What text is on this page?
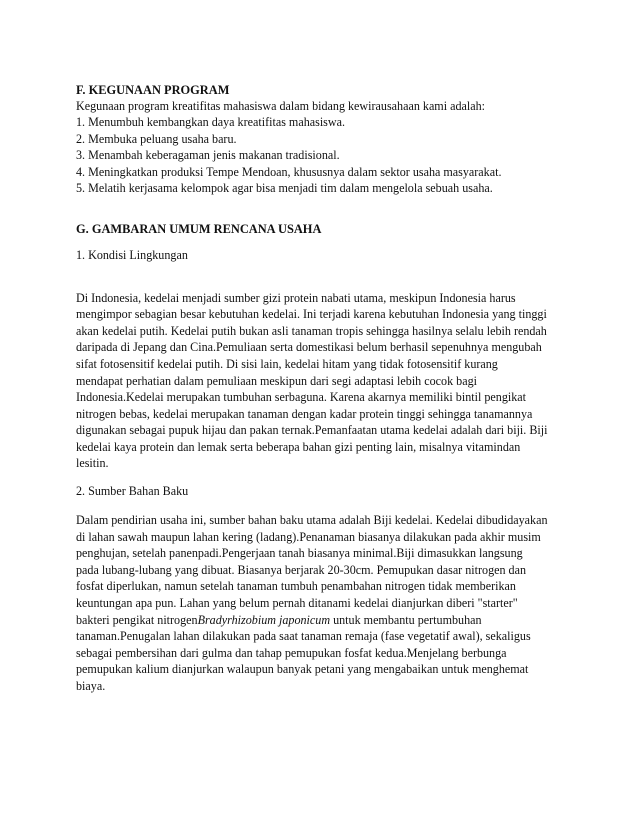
F. KEGUNAAN PROGRAM

Kegunaan program kreatifitas mahasiswa dalam bidang kewirausahaan kami adalah:

1. Menumbuh kembangkan daya kreatifitas mahasiswa.

2. Membuka peluang usaha baru.

3. Menambah keberagaman jenis makanan tradisional.

4. Meningkatkan produksi Tempe Mendoan, khususnya dalam sektor usaha masyarakat.

5. Melatih kerjasama kelompok agar bisa menjadi tim dalam mengelola sebuah usaha.

G. GAMBARAN UMUM RENCANA USAHA

1. Kondisi Lingkungan

Di Indonesia, kedelai menjadi sumber gizi protein nabati utama, meskipun Indonesia harus

mengimpor sebagian besar kebutuhan kedelai. Ini terjadi karena kebutuhan Indonesia yang tinggi

akan kedelai putih. Kedelai putih bukan asli tanaman tropis sehingga hasilnya selalu lebih rendah

daripada di Jepang dan Cina.Pemuliaan serta domestikasi belum berhasil sepenuhnya mengubah

sifat fotosensitif kedelai putih. Di sisi lain, kedelai hitam yang tidak fotosensitif kurang

mendapat perhatian dalam pemuliaan meskipun dari segi adaptasi lebih cocok bagi

Indonesia.Kedelai merupakan tumbuhan serbaguna. Karena akarnya memiliki bintil pengikat

nitrogen bebas, kedelai merupakan tanaman dengan kadar protein tinggi sehingga tanamannya

digunakan sebagai pupuk hijau dan pakan ternak.Pemanfaatan utama kedelai adalah dari biji. Biji

kedelai kaya protein dan lemak serta beberapa bahan gizi penting lain, misalnya vitamindan

lesitin.

2. Sumber Bahan Baku

Dalam pendirian usaha ini, sumber bahan baku utama adalah Biji kedelai. Kedelai dibudidayakan

di lahan sawah maupun lahan kering (ladang).Penanaman biasanya dilakukan pada akhir musim

penghujan, setelah panenpadi.Pengerjaan tanah biasanya minimal.Biji dimasukkan langsung

pada lubang-lubang yang dibuat. Biasanya berjarak 20-30cm. Pemupukan dasar nitrogen dan

fosfat diperlukan, namun setelah tanaman tumbuh penambahan nitrogen tidak memberikan

keuntungan apa pun. Lahan yang belum pernah ditanami kedelai dianjurkan diberi "starter"

bakteri pengikat nitrogenBradyrhizobium japonicum untuk membantu pertumbuhan

tanaman.Penugalan lahan dilakukan pada saat tanaman remaja (fase vegetatif awal), sekaligus

sebagai pembersihan dari gulma dan tahap pemupukan fosfat kedua.Menjelang berbunga

pemupukan kalium dianjurkan walaupun banyak petani yang mengabaikan untuk menghemat

biaya.
